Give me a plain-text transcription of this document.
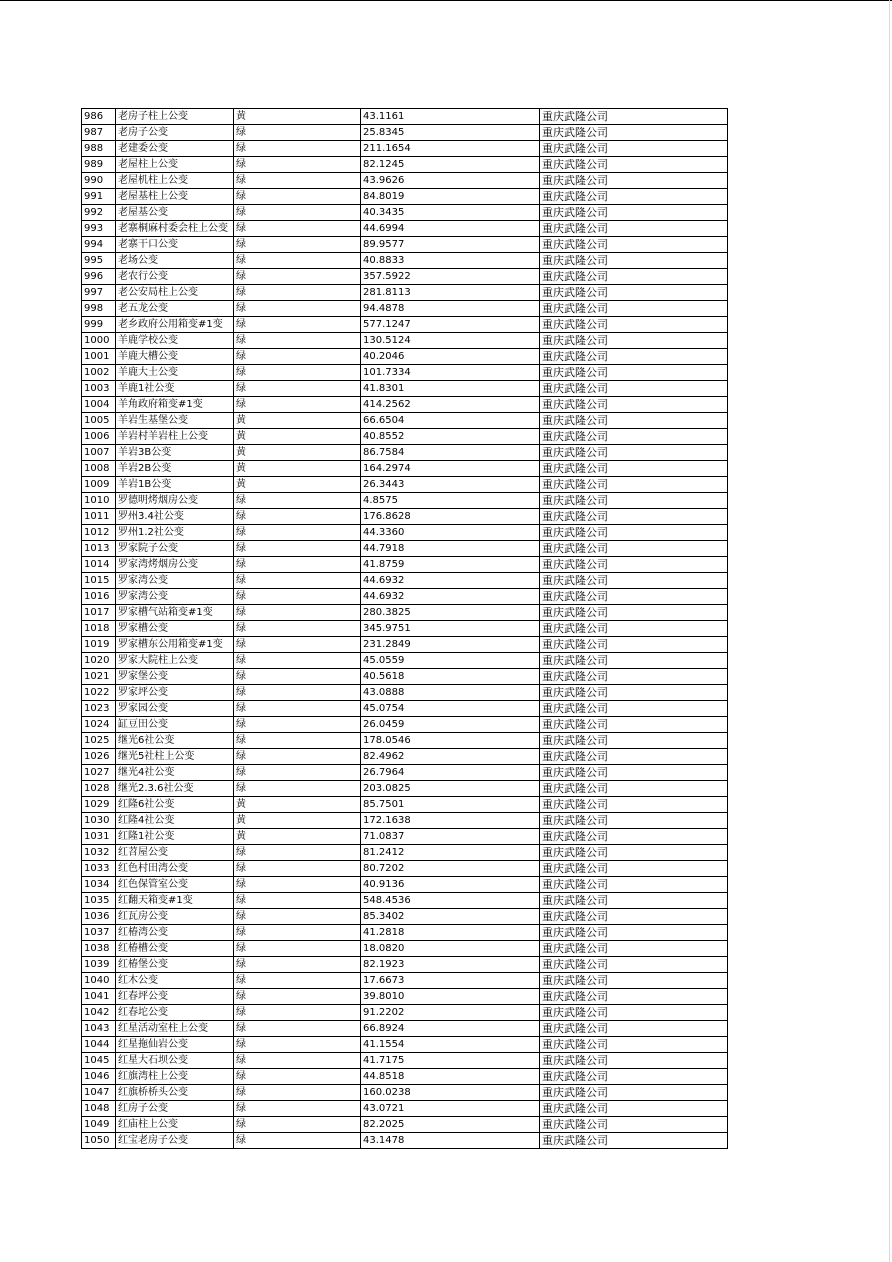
986	老房子柱上公变	黄	43.1161	重庆武隆公司
987	老房子公变	绿	25.8345	重庆武隆公司
988	老建委公变	绿	211.1654	重庆武隆公司
989	老屋柱上公变	绿	82.1245	重庆武隆公司
990	老屋机柱上公变	绿	43.9626	重庆武隆公司
991	老屋基柱上公变	绿	84.8019	重庆武隆公司
992	老屋基公变	绿	40.3435	重庆武隆公司
993	老寨桐麻村委会柱上公变	绿	44.6994	重庆武隆公司
994	老寨干口公变	绿	89.9577	重庆武隆公司
995	老场公变	绿	40.8833	重庆武隆公司
996	老农行公变	绿	357.5922	重庆武隆公司
997	老公安局柱上公变	绿	281.8113	重庆武隆公司
998	老五龙公变	绿	94.4878	重庆武隆公司
999	老乡政府公用箱变#1变	绿	577.1247	重庆武隆公司
1000	羊鹿学校公变	绿	130.5124	重庆武隆公司
1001	羊鹿大槽公变	绿	40.2046	重庆武隆公司
1002	羊鹿大土公变	绿	101.7334	重庆武隆公司
1003	羊鹿1社公变	绿	41.8301	重庆武隆公司
1004	羊角政府箱变#1变	绿	414.2562	重庆武隆公司
1005	羊岩生基堡公变	黄	66.6504	重庆武隆公司
1006	羊岩村羊岩柱上公变	黄	40.8552	重庆武隆公司
1007	羊岩3B公变	黄	86.7584	重庆武隆公司
1008	羊岩2B公变	黄	164.2974	重庆武隆公司
1009	羊岩1B公变	黄	26.3443	重庆武隆公司
1010	罗德明烤烟房公变	绿	4.8575	重庆武隆公司
1011	罗州3.4社公变	绿	176.8628	重庆武隆公司
1012	罗州1.2社公变	绿	44.3360	重庆武隆公司
1013	罗家院子公变	绿	44.7918	重庆武隆公司
1014	罗家湾烤烟房公变	绿	41.8759	重庆武隆公司
1015	罗家湾公变	绿	44.6932	重庆武隆公司
1016	罗家湾公变	绿	44.6932	重庆武隆公司
1017	罗家槽气站箱变#1变	绿	280.3825	重庆武隆公司
1018	罗家槽公变	绿	345.9751	重庆武隆公司
1019	罗家槽东公用箱变#1变	绿	231.2849	重庆武隆公司
1020	罗家大院柱上公变	绿	45.0559	重庆武隆公司
1021	罗家堡公变	绿	40.5618	重庆武隆公司
1022	罗家坪公变	绿	43.0888	重庆武隆公司
1023	罗家园公变	绿	45.0754	重庆武隆公司
1024	缸豆田公变	绿	26.0459	重庆武隆公司
1025	继光6社公变	绿	178.0546	重庆武隆公司
1026	继光5社柱上公变	绿	82.4962	重庆武隆公司
1027	继光4社公变	绿	26.7964	重庆武隆公司
1028	继光2.3.6社公变	绿	203.0825	重庆武隆公司
1029	红隆6社公变	黄	85.7501	重庆武隆公司
1030	红隆4社公变	黄	172.1638	重庆武隆公司
1031	红隆1社公变	黄	71.0837	重庆武隆公司
1032	红苕屋公变	绿	81.2412	重庆武隆公司
1033	红色村田湾公变	绿	80.7202	重庆武隆公司
1034	红色保管室公变	绿	40.9136	重庆武隆公司
1035	红翻天箱变#1变	绿	548.4536	重庆武隆公司
1036	红瓦房公变	绿	85.3402	重庆武隆公司
1037	红椿湾公变	绿	41.2818	重庆武隆公司
1038	红椿槽公变	绿	18.0820	重庆武隆公司
1039	红椿堡公变	绿	82.1923	重庆武隆公司
1040	红木公变	绿	17.6673	重庆武隆公司
1041	红春坪公变	绿	39.8010	重庆武隆公司
1042	红春坨公变	绿	91.2202	重庆武隆公司
1043	红星活动室柱上公变	绿	66.8924	重庆武隆公司
1044	红星拖仙岩公变	绿	41.1554	重庆武隆公司
1045	红星大石坝公变	绿	41.7175	重庆武隆公司
1046	红旗湾柱上公变	绿	44.8518	重庆武隆公司
1047	红旗桥桥头公变	绿	160.0238	重庆武隆公司
1048	红房子公变	绿	43.0721	重庆武隆公司
1049	红庙柱上公变	绿	82.2025	重庆武隆公司
1050	红宝老房子公变	绿	43.1478	重庆武隆公司
